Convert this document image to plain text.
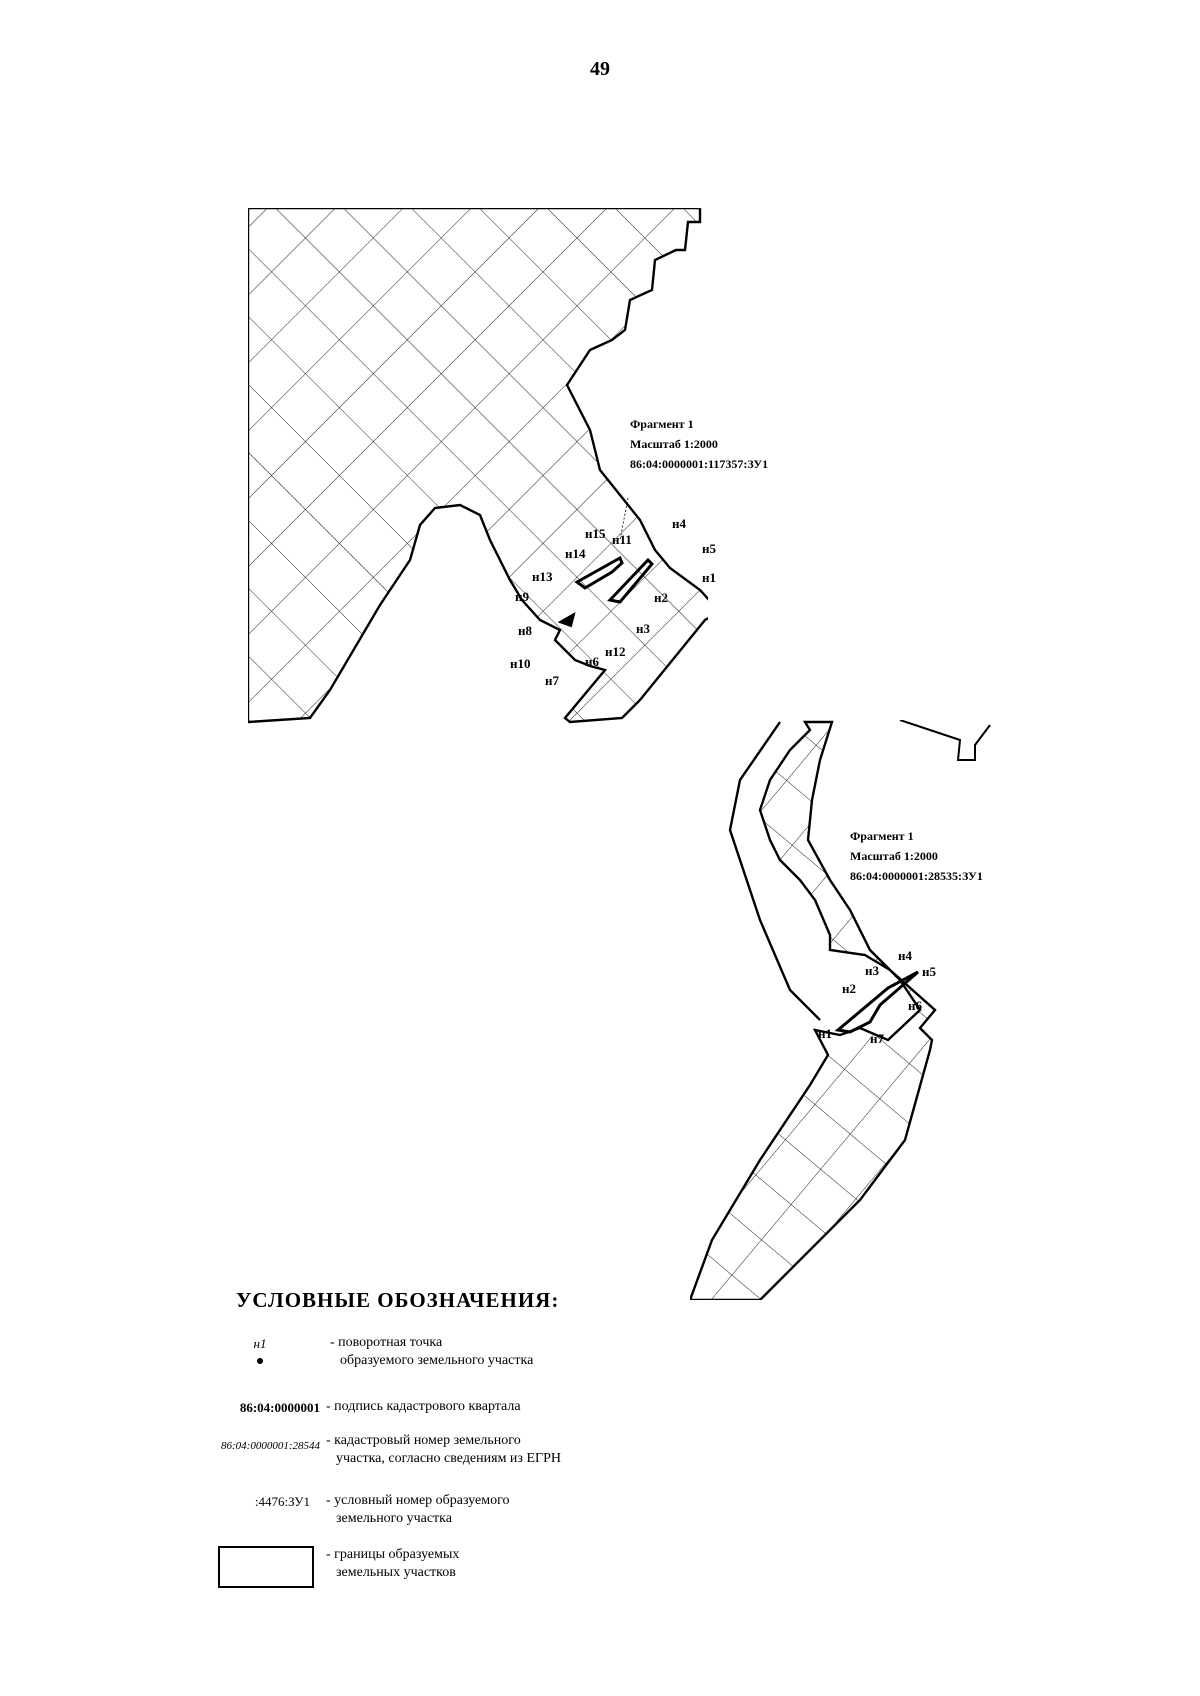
49
Фрагмент 1
Масштаб 1:2000
86:04:0000001:117357:ЗУ1
Фрагмент 1
Масштаб 1:2000
86:04:0000001:28535:ЗУ1
н1
н2
н3
н4
н5
н6
н7
н8
н9
н10
н11
н12
н13
н14
н15
н1
н2
н3
н4
н5
н6
н7
УСЛОВНЫЕ ОБОЗНАЧЕНИЯ:
н1	- поворотная точка
образуемого земельного участка
86:04:0000001 - подпись кадастрового квартала
86:04:0000001:28544 - кадастровый номер земельного
участка, согласно сведениям из ЕГРН
:4476:ЗУ1 - условный номер образуемого
земельного участка
- границы образуемых
земельных участков
